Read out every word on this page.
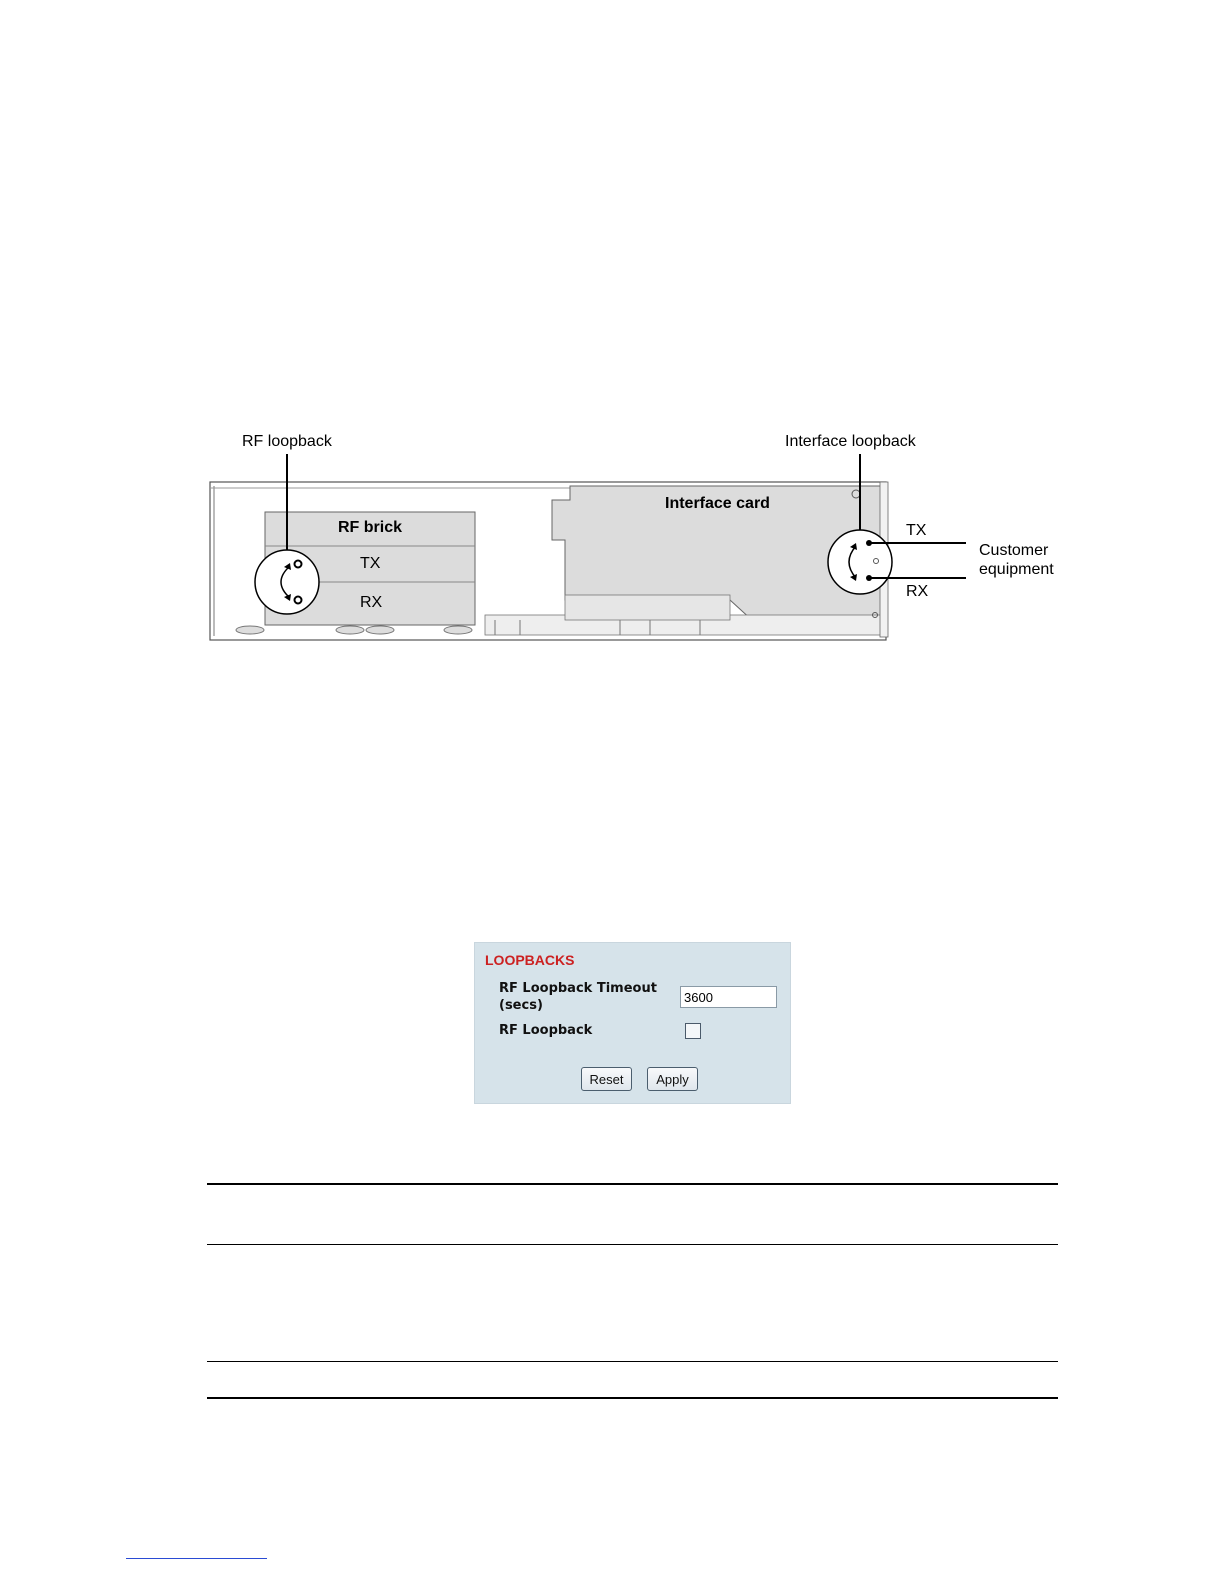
RF loopback	Interface loopback
RF brick
TX
RX
Interface card
TX
RX
Customer
equipment
LOOPBACKS
RF Loopback Timeout
(secs)
3600
RF Loopback
Reset	Apply
